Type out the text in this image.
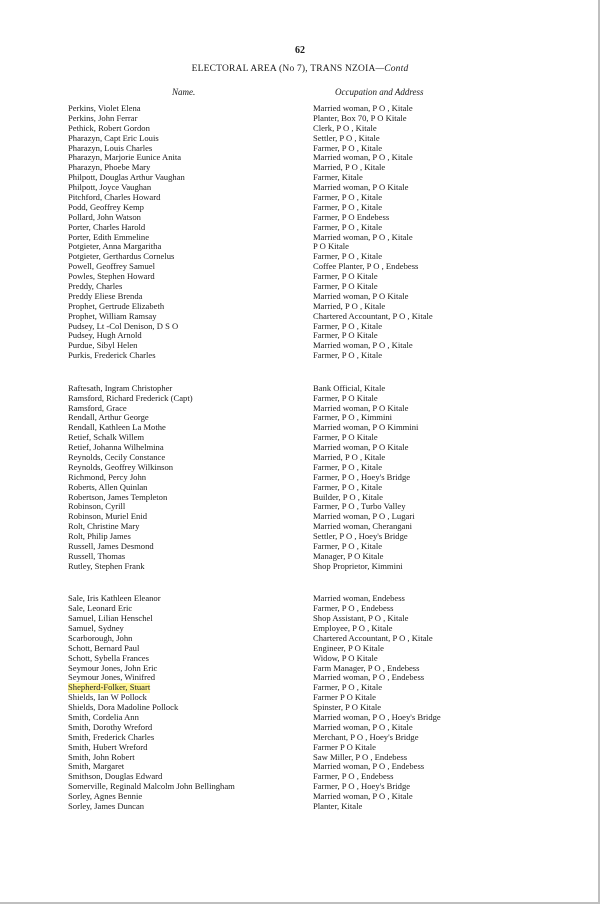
62
ELECTORAL AREA (No 7), TRANS NZOIA—Contd
Name.	Occupation and Address
Perkins, Violet Elena	Married woman, P O , Kitale
Perkins, John Ferrar	Planter, Box 70, P O Kitale
Pethick, Robert Gordon	Clerk, P O , Kitale
Pharazyn, Capt Eric Louis	Settler, P O , Kitale
Pharazyn, Louis Charles	Farmer, P O , Kitale
Pharazyn, Marjorie Eunice Anita	Married woman, P O , Kitale
Pharazyn, Phoebe Mary	Married, P O , Kitale
Philpott, Douglas Arthur Vaughan	Farmer, Kitale
Philpott, Joyce Vaughan	Married woman, P O Kitale
Pitchford, Charles Howard	Farmer, P O , Kitale
Podd, Geoffrey Kemp	Farmer, P O , Kitale
Pollard, John Watson	Farmer, P O Endebess
Porter, Charles Harold	Farmer, P O , Kitale
Porter, Edith Emmeline	Married woman, P O , Kitale
Potgieter, Anna Margaritha	P O Kitale
Potgieter, Gerthardus Cornelus	Farmer, P O , Kitale
Powell, Geoffrey Samuel	Coffee Planter, P O , Endebess
Powles, Stephen Howard	Farmer, P O Kitale
Preddy, Charles	Farmer, P O Kitale
Preddy Eliese Brenda	Married woman, P O Kitale
Prophet, Gertrude Elizabeth	Married, P O , Kitale
Prophet, William Ramsay	Chartered Accountant, P O , Kitale
Pudsey, Lt -Col Denison, D S O	Farmer, P O , Kitale
Pudsey, Hugh Arnold	Farmer, P O Kitale
Purdue, Sibyl Helen	Married woman, P O , Kitale
Purkis, Frederick Charles	Farmer, P O , Kitale
Raftesath, Ingram Christopher	Bank Official, Kitale
Ramsford, Richard Frederick (Capt)	Farmer, P O Kitale
Ramsford, Grace	Married woman, P O Kitale
Rendall, Arthur George	Farmer, P O , Kimmini
Rendall, Kathleen La Mothe	Married woman, P O Kimmini
Retief, Schalk Willem	Farmer, P O Kitale
Retief, Johanna Wilhelmina	Married woman, P O Kitale
Reynolds, Cecily Constance	Married, P O , Kitale
Reynolds, Geoffrey Wilkinson	Farmer, P O , Kitale
Richmond, Percy John	Farmer, P O , Hoey's Bridge
Roberts, Allen Quinlan	Farmer, P O , Kitale
Robertson, James Templeton	Builder, P O , Kitale
Robinson, Cyrill	Farmer, P O , Turbo Valley
Robinson, Muriel Enid	Married woman, P O , Lugari
Rolt, Christine Mary	Married woman, Cherangani
Rolt, Philip James	Settler, P O , Hoey's Bridge
Russell, James Desmond	Farmer, P O , Kitale
Russell, Thomas	Manager, P O Kitale
Rutley, Stephen Frank	Shop Proprietor, Kimmini
Sale, Iris Kathleen Eleanor	Married woman, Endebess
Sale, Leonard Eric	Farmer, P O , Endebess
Samuel, Lilian Henschel	Shop Assistant, P O , Kitale
Samuel, Sydney	Employee, P O , Kitale
Scarborough, John	Chartered Accountant, P O , Kitale
Schott, Bernard Paul	Engineer, P O Kitale
Schott, Sybella Frances	Widow, P O Kitale
Seymour Jones, John Eric	Farm Manager, P O , Endebess
Seymour Jones, Winifred	Married woman, P O , Endebess
Shepherd-Folker, Stuart	Farmer, P O , Kitale
Shields, Ian W Pollock	Farmer P O Kitale
Shields, Dora Madoline Pollock	Spinster, P O Kitale
Smith, Cordelia Ann	Married woman, P O , Hoey's Bridge
Smith, Dorothy Wreford	Married woman, P O , Kitale
Smith, Frederick Charles	Merchant, P O , Hoey's Bridge
Smith, Hubert Wreford	Farmer P O Kitale
Smith, John Robert	Saw Miller, P O , Endebess
Smith, Margaret	Married woman, P O , Endebess
Smithson, Douglas Edward	Farmer, P O , Endebess
Somerville, Reginald Malcolm John Bellingham	Farmer, P O , Hoey's Bridge
Sorley, Agnes Bennie	Married woman, P O , Kitale
Sorley, James Duncan	Planter, Kitale
